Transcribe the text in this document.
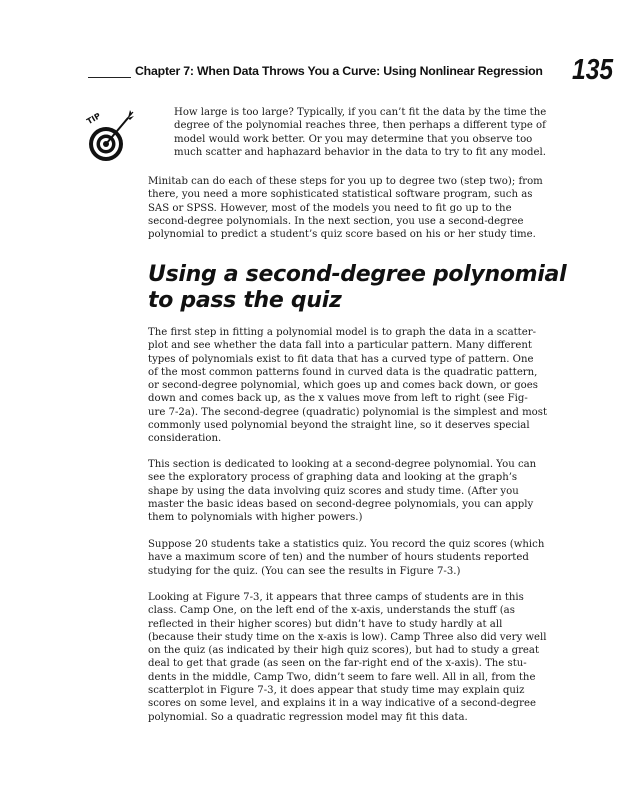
Chapter 7: When Data Throws You a Curve: Using Nonlinear Regression 135
TIP	How large is too large? Typically, if you can’t fit the data by the time the
degree of the polynomial reaches three, then perhaps a different type of
model would work better. Or you may determine that you observe too
much scatter and haphazard behavior in the data to try to fit any model.
Minitab can do each of these steps for you up to degree two (step two); from
there, you need a more sophisticated statistical software program, such as
SAS or SPSS. However, most of the models you need to fit go up to the
second-degree polynomials. In the next section, you use a second-degree
polynomial to predict a student’s quiz score based on his or her study time.
Using a second-degree polynomial
to pass the quiz
The first step in fitting a polynomial model is to graph the data in a scatter-
plot and see whether the data fall into a particular pattern. Many different
types of polynomials exist to fit data that has a curved type of pattern. One
of the most common patterns found in curved data is the quadratic pattern,
or second-degree polynomial, which goes up and comes back down, or goes
down and comes back up, as the x values move from left to right (see Fig-
ure 7-2a). The second-degree (quadratic) polynomial is the simplest and most
commonly used polynomial beyond the straight line, so it deserves special
consideration.
This section is dedicated to looking at a second-degree polynomial. You can
see the exploratory process of graphing data and looking at the graph’s
shape by using the data involving quiz scores and study time. (After you
master the basic ideas based on second-degree polynomials, you can apply
them to polynomials with higher powers.)
Suppose 20 students take a statistics quiz. You record the quiz scores (which
have a maximum score of ten) and the number of hours students reported
studying for the quiz. (You can see the results in Figure 7-3.)
Looking at Figure 7-3, it appears that three camps of students are in this
class. Camp One, on the left end of the x-axis, understands the stuff (as
reflected in their higher scores) but didn’t have to study hardly at all
(because their study time on the x-axis is low). Camp Three also did very well
on the quiz (as indicated by their high quiz scores), but had to study a great
deal to get that grade (as seen on the far-right end of the x-axis). The stu-
dents in the middle, Camp Two, didn’t seem to fare well. All in all, from the
scatterplot in Figure 7-3, it does appear that study time may explain quiz
scores on some level, and explains it in a way indicative of a second-degree
polynomial. So a quadratic regression model may fit this data.
